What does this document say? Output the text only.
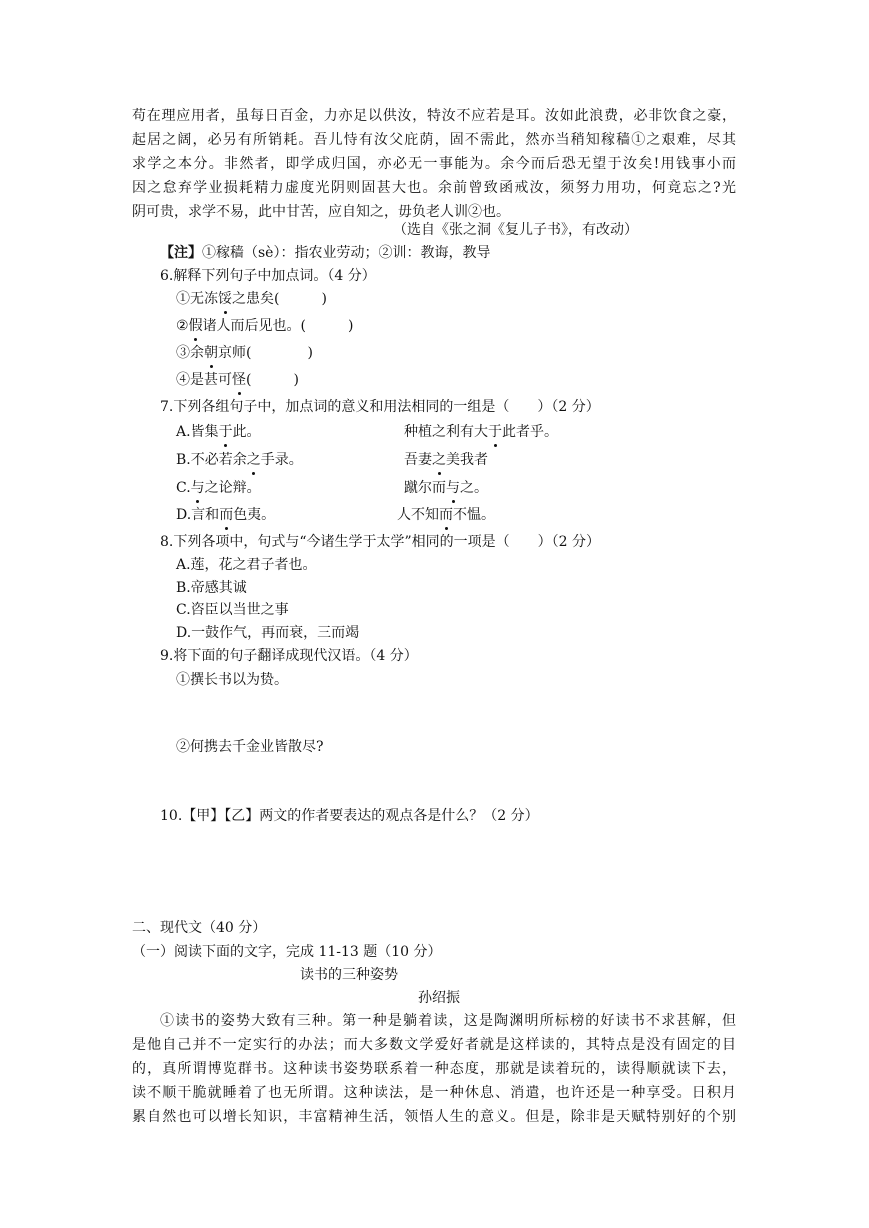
苟在理应用者，虽每日百金，力亦足以供汝，特汝不应若是耳。汝如此浪费，必非饮食之豪，
起居之阔，必另有所销耗。吾儿恃有汝父庇荫，固不需此，然亦当稍知稼穑①之艰难，尽其
求学之本分。非然者，即学成归国，亦必无一事能为。余今而后恐无望于汝矣!用钱事小而
因之怠弃学业损耗精力虚度光阴则固甚大也。余前曾致函戒汝，须努力用功，何竟忘之?光
阴可贵，求学不易，此中甘苦，应自知之，毋负老人训②也。
（选自《张之洞《复儿子书》，有改动）
【注】①稼穑（sè）：指农业劳动；②训：教诲，教导
6.解释下列句子中加点词。（4 分）
①无冻馁之患矣(　　　)
②假诸人而后见也。(　　　)
③余朝京师(　　　　)
④是甚可怪(　　　)
7.下列各组句子中，加点词的意义和用法相同的一组是（　　）（2 分）
A.皆集于此。	种植之利有大于此者乎。
B.不必若余之手录。	吾妻之美我者
C.与之论辩。	蹴尔而与之。
D.言和而色夷。	人不知而不愠。
8.下列各项中，句式与“今诸生学于太学”相同的一项是（　　）（2 分）
A.莲，花之君子者也。
B.帝感其诚
C.咨臣以当世之事
D.一鼓作气，再而衰，三而竭
9.将下面的句子翻译成现代汉语。（4 分）
①撰长书以为贽。
②何携去千金业皆散尽?
10.【甲】【乙】两文的作者要表达的观点各是什么？（2 分）
二、现代文（40 分）
（一）阅读下面的文字，完成 11-13 题（10 分）
读书的三种姿势
孙绍振
①读书的姿势大致有三种。第一种是躺着读，这是陶渊明所标榜的好读书不求甚解，但
是他自己并不一定实行的办法；而大多数文学爱好者就是这样读的，其特点是没有固定的目
的，真所谓博览群书。这种读书姿势联系着一种态度，那就是读着玩的，读得顺就读下去，
读不顺干脆就睡着了也无所谓。这种读法，是一种休息、消遣，也许还是一种享受。日积月
累自然也可以增长知识，丰富精神生活，领悟人生的意义。但是，除非是天赋特别好的个别
